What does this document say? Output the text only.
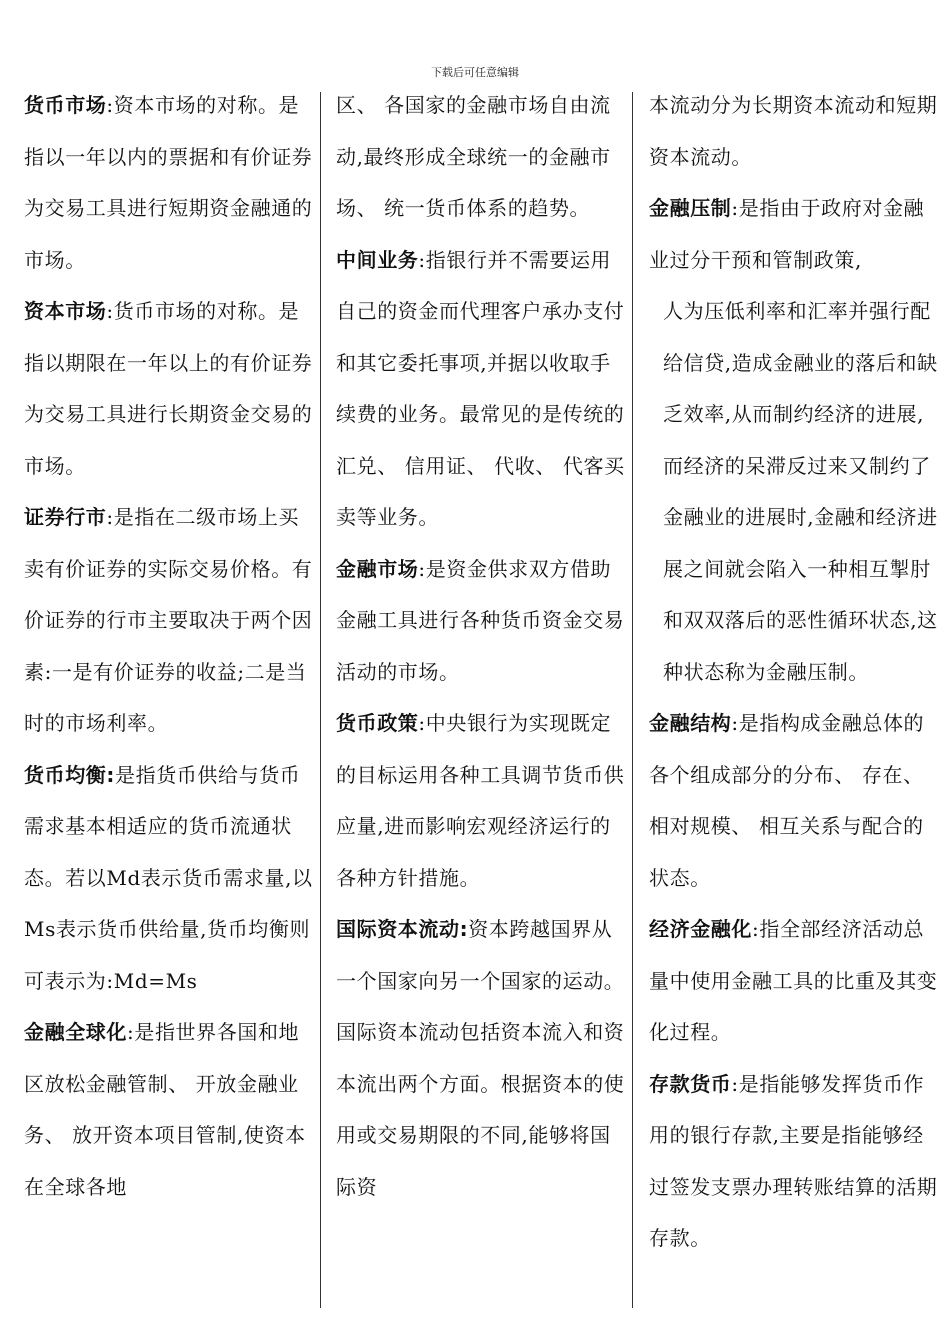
下载后可任意编辑

货币市场:资本市场的对称。是指以一年以内的票据和有价证券为交易工具进行短期资金融通的市场。

资本市场:货币市场的对称。是指以期限在一年以上的有价证券为交易工具进行长期资金交易的市场。

证券行市:是指在二级市场上买卖有价证券的实际交易价格。有价证券的行市主要取决于两个因素:一是有价证券的收益;二是当时的市场利率。

货币均衡:是指货币供给与货币需求基本相适应的货币流通状态。若以Md表示货币需求量,以Ms表示货币供给量,货币均衡则可表示为:Md=Ms

金融全球化:是指世界各国和地区放松金融管制、 开放金融业务、 放开资本项目管制,使资本在全球各地

区、 各国家的金融市场自由流动,最终形成全球统一的金融市场、 统一货币体系的趋势。

中间业务:指银行并不需要运用自己的资金而代理客户承办支付和其它委托事项,并据以收取手续费的业务。最常见的是传统的汇兑、 信用证、 代收、 代客买卖等业务。

金融市场:是资金供求双方借助金融工具进行各种货币资金交易活动的市场。

货币政策:中央银行为实现既定的目标运用各种工具调节货币供应量,进而影响宏观经济运行的各种方针措施。

国际资本流动:资本跨越国界从一个国家向另一个国家的运动。国际资本流动包括资本流入和资本流出两个方面。根据资本的使用或交易期限的不同,能够将国际资

本流动分为长期资本流动和短期资本流动。

金融压制:是指由于政府对金融业过分干预和管制政策,

人为压低利率和汇率并强行配给信贷,造成金融业的落后和缺乏效率,从而制约经济的进展,而经济的呆滞反过来又制约了金融业的进展时,金融和经济进展之间就会陷入一种相互掣肘和双双落后的恶性循环状态,这种状态称为金融压制。

金融结构:是指构成金融总体的各个组成部分的分布、 存在、 相对规模、 相互关系与配合的状态。

经济金融化:指全部经济活动总量中使用金融工具的比重及其变化过程。

存款货币:是指能够发挥货币作用的银行存款,主要是指能够经过签发支票办理转账结算的活期存款。
